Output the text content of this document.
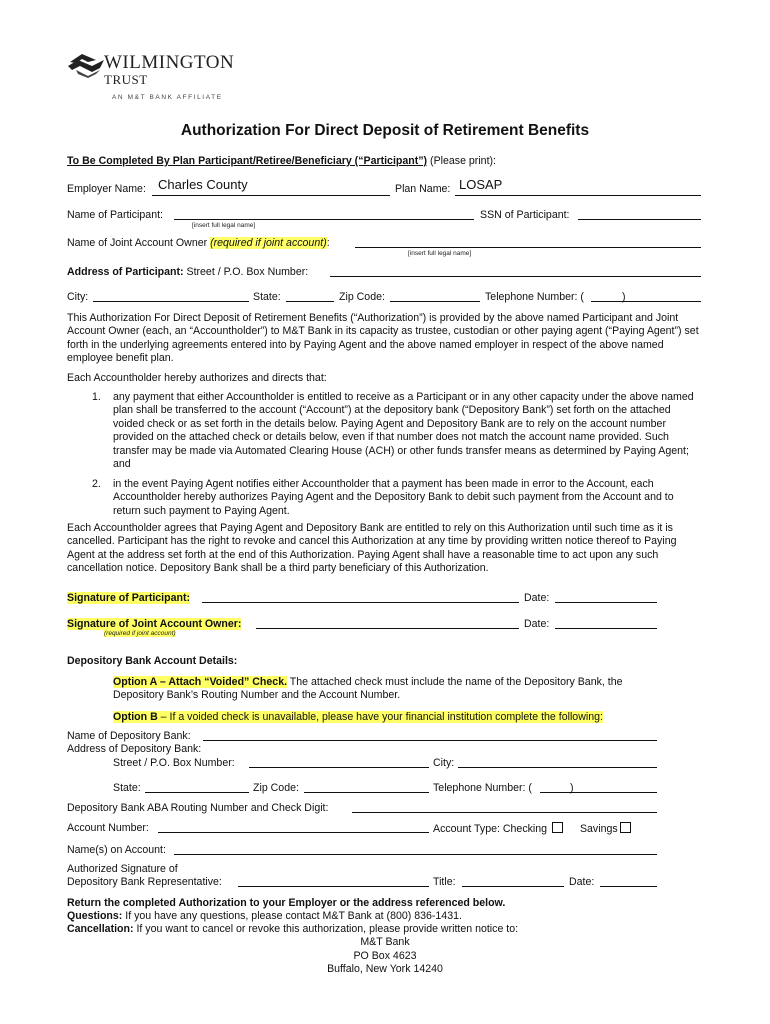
WILMINGTON
TRUST
AN M&T BANK AFFILIATE
Authorization For Direct Deposit of Retirement Benefits
To Be Completed By Plan Participant/Retiree/Beneficiary (“Participant”) (Please print):
Employer Name: Charles County	Plan Name: LOSAP
Name of Participant:
[insert full legal name]
SSN of Participant:
Name of Joint Account Owner (required if joint account):
[insert full legal name]
Address of Participant: Street / P.O. Box Number:
City:	State:	Zip Code:	Telephone Number: (	)
This Authorization For Direct Deposit of Retirement Benefits (“Authorization”) is provided by the above named Participant and Joint Account Owner (each, an “Accountholder”) to M&T Bank in its capacity as trustee, custodian or other paying agent (“Paying Agent”) set forth in the underlying agreements entered into by Paying Agent and the above named employer in respect of the above named employee benefit plan.
Each Accountholder hereby authorizes and directs that:
1. any payment that either Accountholder is entitled to receive as a Participant or in any other capacity under the above named plan shall be transferred to the account (“Account”) at the depository bank (“Depository Bank”) set forth on the attached voided check or as set forth in the details below. Paying Agent and Depository Bank are to rely on the account number provided on the attached check or details below, even if that number does not match the account name provided. Such transfer may be made via Automated Clearing House (ACH) or other funds transfer means as determined by Paying Agent; and
2. in the event Paying Agent notifies either Accountholder that a payment has been made in error to the Account, each Accountholder hereby authorizes Paying Agent and the Depository Bank to debit such payment from the Account and to return such payment to Paying Agent.
Each Accountholder agrees that Paying Agent and Depository Bank are entitled to rely on this Authorization until such time as it is cancelled. Participant has the right to revoke and cancel this Authorization at any time by providing written notice thereof to Paying Agent at the address set forth at the end of this Authorization. Paying Agent shall have a reasonable time to act upon any such cancellation notice. Depository Bank shall be a third party beneficiary of this Authorization.
Signature of Participant:	Date:
Signature of Joint Account Owner:
(required if joint account)
Date:
Depository Bank Account Details:
Option A – Attach “Voided” Check. The attached check must include the name of the Depository Bank, the Depository Bank’s Routing Number and the Account Number.
Option B – If a voided check is unavailable, please have your financial institution complete the following:
Name of Depository Bank:
Address of Depository Bank:
Street / P.O. Box Number:	City:
State:	Zip Code:	Telephone Number: (	)
Depository Bank ABA Routing Number and Check Digit:
Account Number:	Account Type: Checking	Savings
Name(s) on Account:
Authorized Signature of
Depository Bank Representative:	Title:	Date:
Return the completed Authorization to your Employer or the address referenced below.
Questions: If you have any questions, please contact M&T Bank at (800) 836-1431.
Cancellation: If you want to cancel or revoke this authorization, please provide written notice to:
M&T Bank
PO Box 4623
Buffalo, New York 14240
